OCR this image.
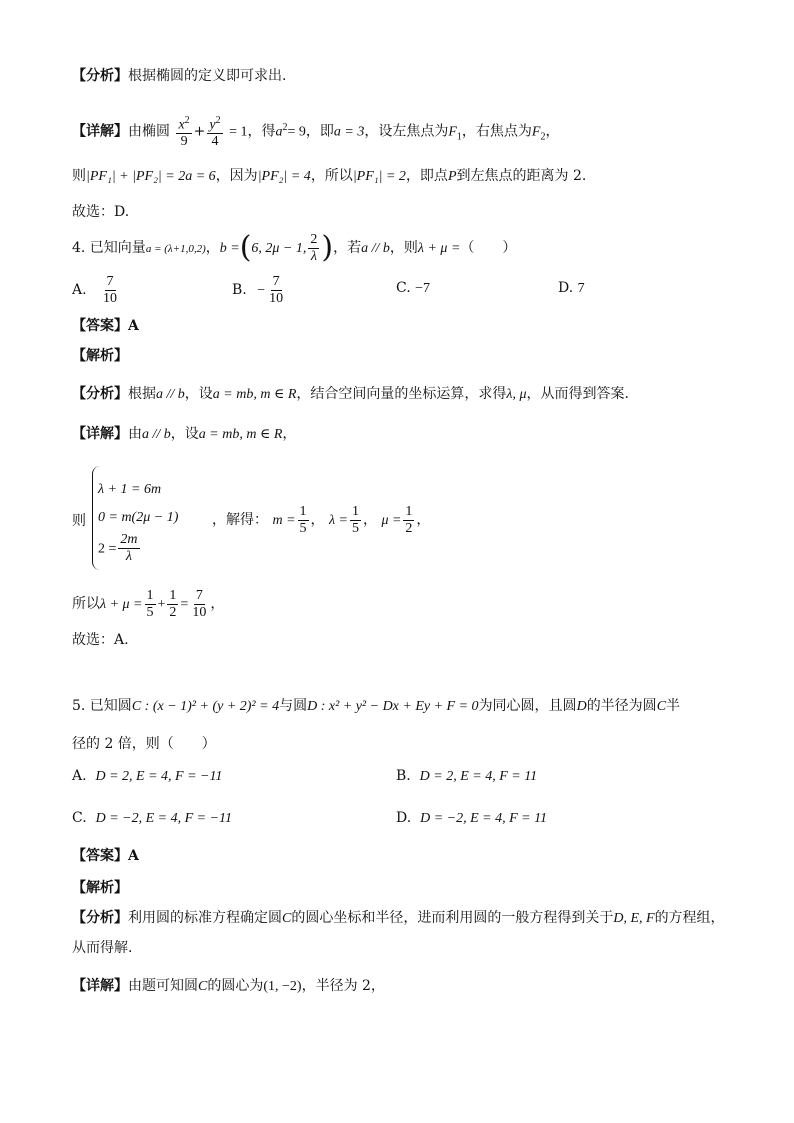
【分析】根据椭圆的定义即可求出.
【详解】由椭圆 $\frac{x^2}{9} + \frac{y^2}{4} = 1$，得$a^2= 9$，即a = 3，设左焦点为$F_1$，右焦点为$F_2$，
则|PF₁| + |PF₂| = 2a = 6，因为|PF₂| = 4，所以|PF₁| = 2，即点P到左焦点的距离为 2.
故选：D.
4. 已知向量a = (λ+1,0,2)，b =(6, 2μ − 1, $\frac{2}{\lambda}$ )，若a // b，则λ + μ =（　　）
A. $\frac{7}{10}$	B. − $\frac{7}{10}$	C. −7	D. 7
【答案】A
【解析】
【分析】根据a // b，设a = mb, m ∈ R，结合空间向量的坐标运算，求得λ, μ，从而得到答案.
【详解】由a // b，设a = mb, m ∈ R，
则
λ + 1 = 6m
0 = m(2μ − 1)
$2 = \frac{2m}{\lambda}$
，解得： $m = \frac{1}{5}$ ， $\lambda = \frac{1}{5}$ ， $\mu = \frac{1}{2}$ ，
所以$\lambda + \mu = \frac{1}{5} + \frac{1}{2} = \frac{7}{10}$ ，
故选：A.
5. 已知圆C : (x − 1)² + (y + 2)² = 4与圆D : x² + y² − Dx + Ey + F = 0为同心圆，且圆D的半径为圆C半
径的 2 倍，则（　　）
A. D = 2, E = 4, F = −11	B. D = 2, E = 4, F = 11
C. D = −2, E = 4, F = −11	D. D = −2, E = 4, F = 11
【答案】A
【解析】
【分析】利用圆的标准方程确定圆C的圆心坐标和半径，进而利用圆的一般方程得到关于D, E, F的方程组，
从而得解.
【详解】由题可知圆C的圆心为(1, −2)，半径为 2，
